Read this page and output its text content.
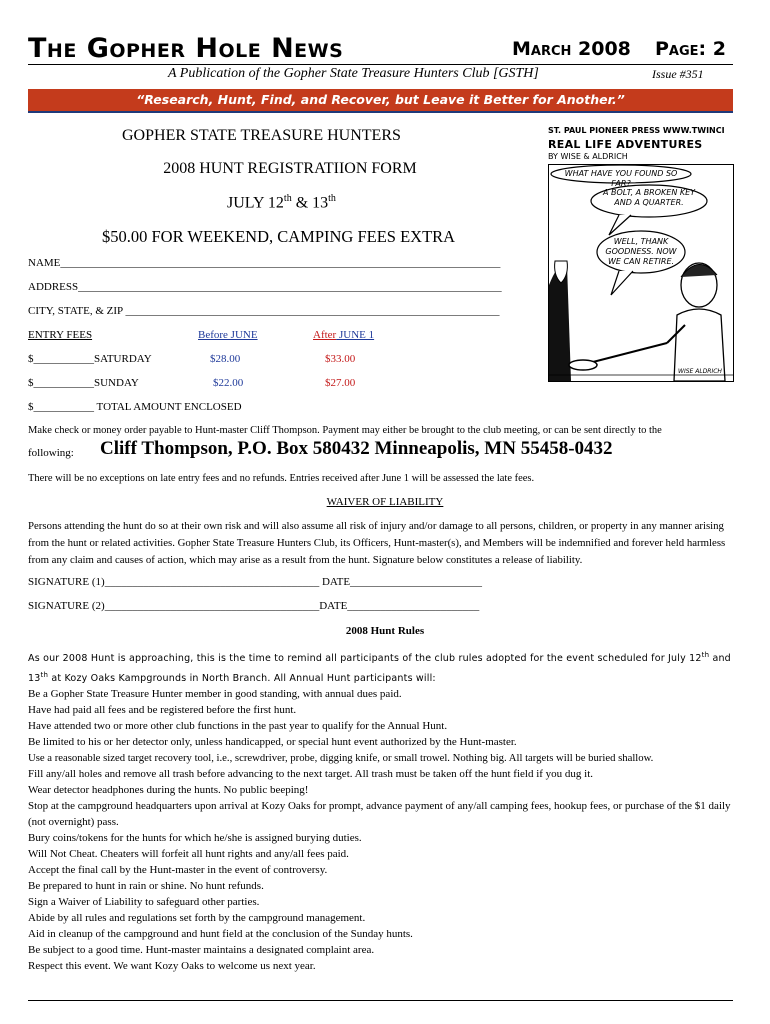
The Gopher Hole News	March 2008 Page: 2
A Publication of the Gopher State Treasure Hunters Club [GSTH]	Issue #351
“Research, Hunt, Find, and Recover, but Leave it Better for Another.”
GOPHER STATE TREASURE HUNTERS
2008 HUNT REGISTRATIION FORM
JULY 12th & 13th
$50.00 FOR WEEKEND, CAMPING FEES EXTRA
NAME________________________________________________________________________________
ADDRESS_____________________________________________________________________________
CITY, STATE, & ZIP ____________________________________________________________________
ENTRY FEES	Before JUNE	After JUNE 1
$___________SATURDAY	$28.00	$33.00
$___________SUNDAY	$22.00	$27.00
$___________ TOTAL AMOUNT ENCLOSED
ST. PAUL PIONEER PRESS WWW.TWINCI
REAL LIFE ADVENTURES
BY WISE & ALDRICH
WHAT HAVE YOU FOUND SO FAR?
A BOLT, A BROKEN KEY AND A QUARTER.
WELL, THANK GOODNESS. NOW WE CAN RETIRE.
WISE ALDRICH
Make check or money order payable to Hunt-master Cliff Thompson. Payment may either be brought to the club meeting, or can be sent directly to the
following: Cliff Thompson, P.O. Box 580432 Minneapolis, MN 55458-0432
There will be no exceptions on late entry fees and no refunds. Entries received after June 1 will be assessed the late fees.
WAIVER OF LIABILITY
Persons attending the hunt do so at their own risk and will also assume all risk of injury and/or damage to all persons, children, or property in any manner arising from the hunt or related activities. Gopher State Treasure Hunters Club, its Officers, Hunt-master(s), and Members will be indemnified and forever held harmless from any claim and causes of action, which may arise as a result from the hunt. Signature below constitutes a release of liability.
SIGNATURE (1)_______________________________________ DATE________________________
SIGNATURE (2)_______________________________________DATE________________________
2008 Hunt Rules
As our 2008 Hunt is approaching, this is the time to remind all participants of the club rules adopted for the event scheduled for July 12th and 13th at Kozy Oaks Kampgrounds in North Branch. All Annual Hunt participants will:
Be a Gopher State Treasure Hunter member in good standing, with annual dues paid.
Have had paid all fees and be registered before the first hunt.
Have attended two or more other club functions in the past year to qualify for the Annual Hunt.
Be limited to his or her detector only, unless handicapped, or special hunt event authorized by the Hunt-master.
Use a reasonable sized target recovery tool, i.e., screwdriver, probe, digging knife, or small trowel. Nothing big. All targets will be buried shallow.
Fill any/all holes and remove all trash before advancing to the next target. All trash must be taken off the hunt field if you dug it.
Wear detector headphones during the hunts. No public beeping!
Stop at the campground headquarters upon arrival at Kozy Oaks for prompt, advance payment of any/all camping fees, hookup fees, or purchase of the $1 daily (not overnight) pass.
Bury coins/tokens for the hunts for which he/she is assigned burying duties.
Will Not Cheat. Cheaters will forfeit all hunt rights and any/all fees paid.
Accept the final call by the Hunt-master in the event of controversy.
Be prepared to hunt in rain or shine. No hunt refunds.
Sign a Waiver of Liability to safeguard other parties.
Abide by all rules and regulations set forth by the campground management.
Aid in cleanup of the campground and hunt field at the conclusion of the Sunday hunts.
Be subject to a good time. Hunt-master maintains a designated complaint area.
Respect this event. We want Kozy Oaks to welcome us next year.
